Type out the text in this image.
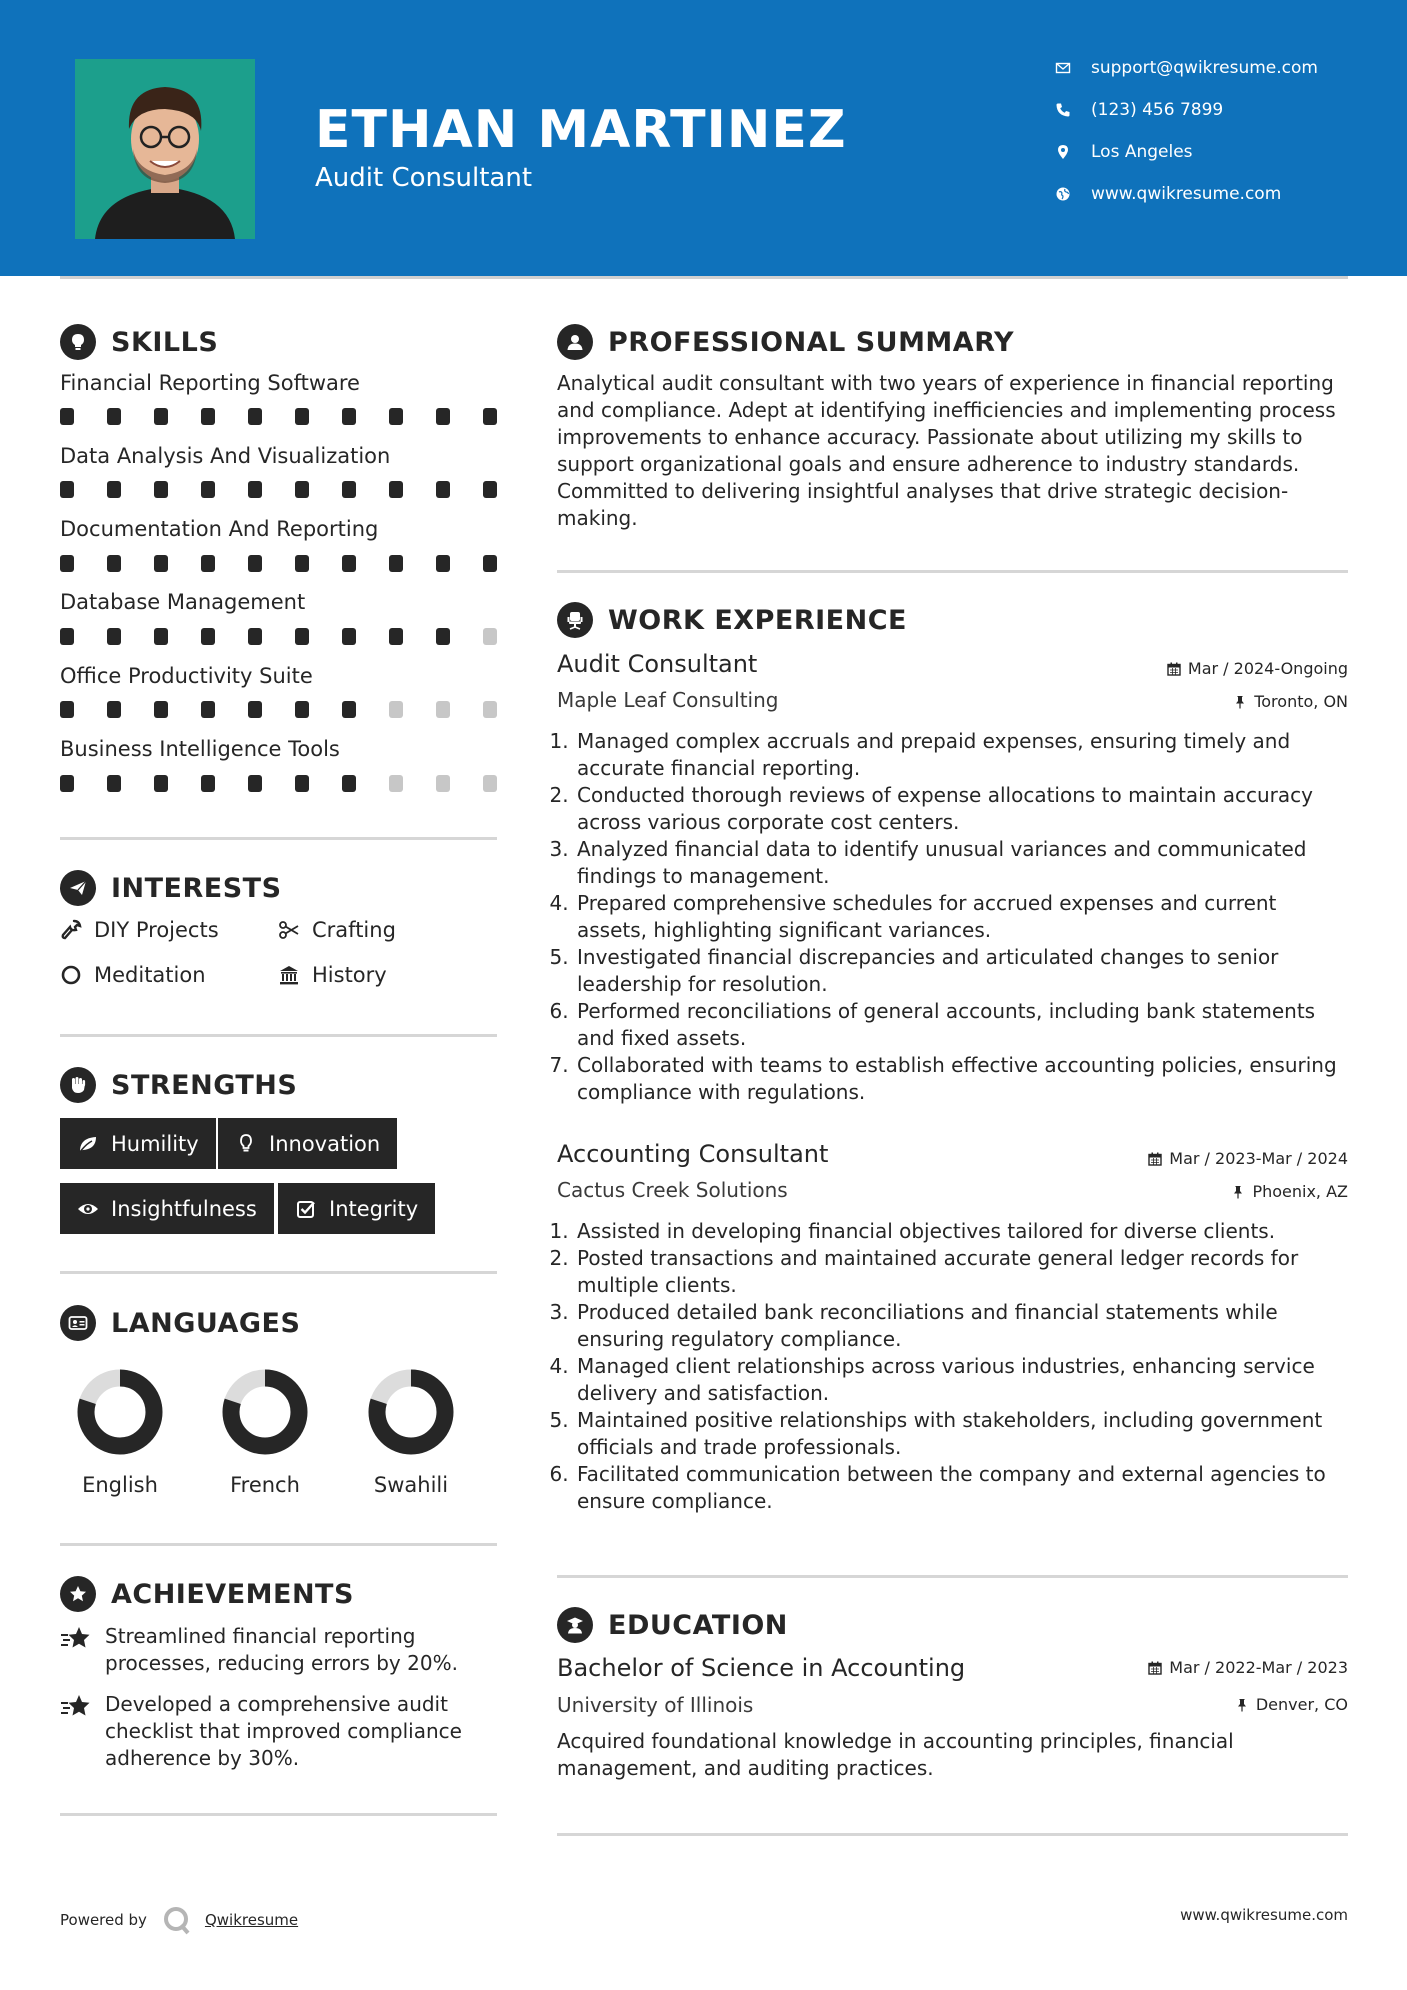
ETHAN MARTINEZ
Audit Consultant
support@qwikresume.com
(123) 456 7899
Los Angeles
www.qwikresume.com
SKILLS
Financial Reporting Software
Data Analysis And Visualization
Documentation And Reporting
Database Management
Office Productivity Suite
Business Intelligence Tools
INTERESTS
DIY Projects	Crafting
Meditation	History
STRENGTHS
Humility	Innovation
Insightfulness	Integrity
LANGUAGES
English	French	Swahili
ACHIEVEMENTS

Streamlined financial reporting processes, reducing errors by 20%.

Developed a comprehensive audit checklist that improved compliance adherence by 30%.

PROFESSIONAL SUMMARY

Analytical audit consultant with two years of experience in financial reporting and compliance. Adept at identifying inefficiencies and implementing process improvements to enhance accuracy. Passionate about utilizing my skills to support organizational goals and ensure adherence to industry standards. Committed to delivering insightful analyses that drive strategic decision-making.

WORK EXPERIENCE
Audit Consultant	Mar / 2024-Ongoing
Maple Leaf Consulting	Toronto, ON
1. Managed complex accruals and prepaid expenses, ensuring timely and accurate financial reporting.
2. Conducted thorough reviews of expense allocations to maintain accuracy across various corporate cost centers.
3. Analyzed financial data to identify unusual variances and communicated findings to management.
4. Prepared comprehensive schedules for accrued expenses and current assets, highlighting significant variances.
5. Investigated financial discrepancies and articulated changes to senior leadership for resolution.
6. Performed reconciliations of general accounts, including bank statements and fixed assets.
7. Collaborated with teams to establish effective accounting policies, ensuring compliance with regulations.
Accounting Consultant	Mar / 2023-Mar / 2024
Cactus Creek Solutions	Phoenix, AZ
1. Assisted in developing financial objectives tailored for diverse clients.
2. Posted transactions and maintained accurate general ledger records for multiple clients.
3. Produced detailed bank reconciliations and financial statements while ensuring regulatory compliance.
4. Managed client relationships across various industries, enhancing service delivery and satisfaction.
5. Maintained positive relationships with stakeholders, including government officials and trade professionals.
6. Facilitated communication between the company and external agencies to ensure compliance.
EDUCATION
Bachelor of Science in Accounting	Mar / 2022-Mar / 2023
University of Illinois	Denver, CO

Acquired foundational knowledge in accounting principles, financial management, and auditing practices.

Powered by	Qwikresume	www.qwikresume.com
